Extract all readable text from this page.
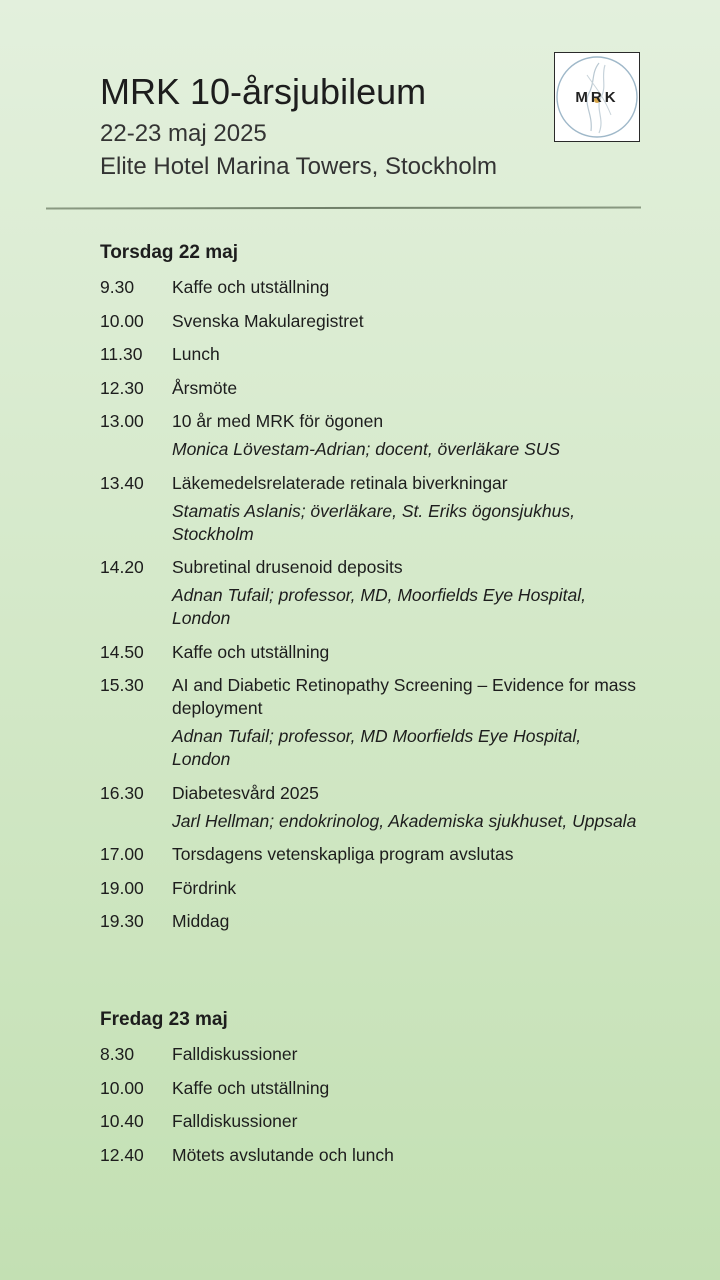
MRK 10-årsjubileum
22-23 maj 2025
Elite Hotel Marina Towers, Stockholm
MRK
Torsdag 22 maj
9.30	Kaffe och utställning
10.00	Svenska Makularegistret
11.30	Lunch
12.30	Årsmöte
13.00	10 år med MRK för ögonen
Monica Lövestam-Adrian; docent, överläkare SUS
13.40	Läkemedelsrelaterade retinala biverkningar
Stamatis Aslanis; överläkare, St. Eriks ögonsjukhus, Stockholm
14.20	Subretinal drusenoid deposits
Adnan Tufail; professor, MD, Moorfields Eye Hospital, London
14.50	Kaffe och utställning
15.30	AI and Diabetic Retinopathy Screening – Evidence for mass deployment
Adnan Tufail; professor, MD Moorfields Eye Hospital, London
16.30	Diabetesvård 2025
Jarl Hellman; endokrinolog, Akademiska sjukhuset, Uppsala
17.00	Torsdagens vetenskapliga program avslutas
19.00	Fördrink
19.30	Middag
Fredag 23 maj
8.30	Falldiskussioner
10.00	Kaffe och utställning
10.40	Falldiskussioner
12.40	Mötets avslutande och lunch
